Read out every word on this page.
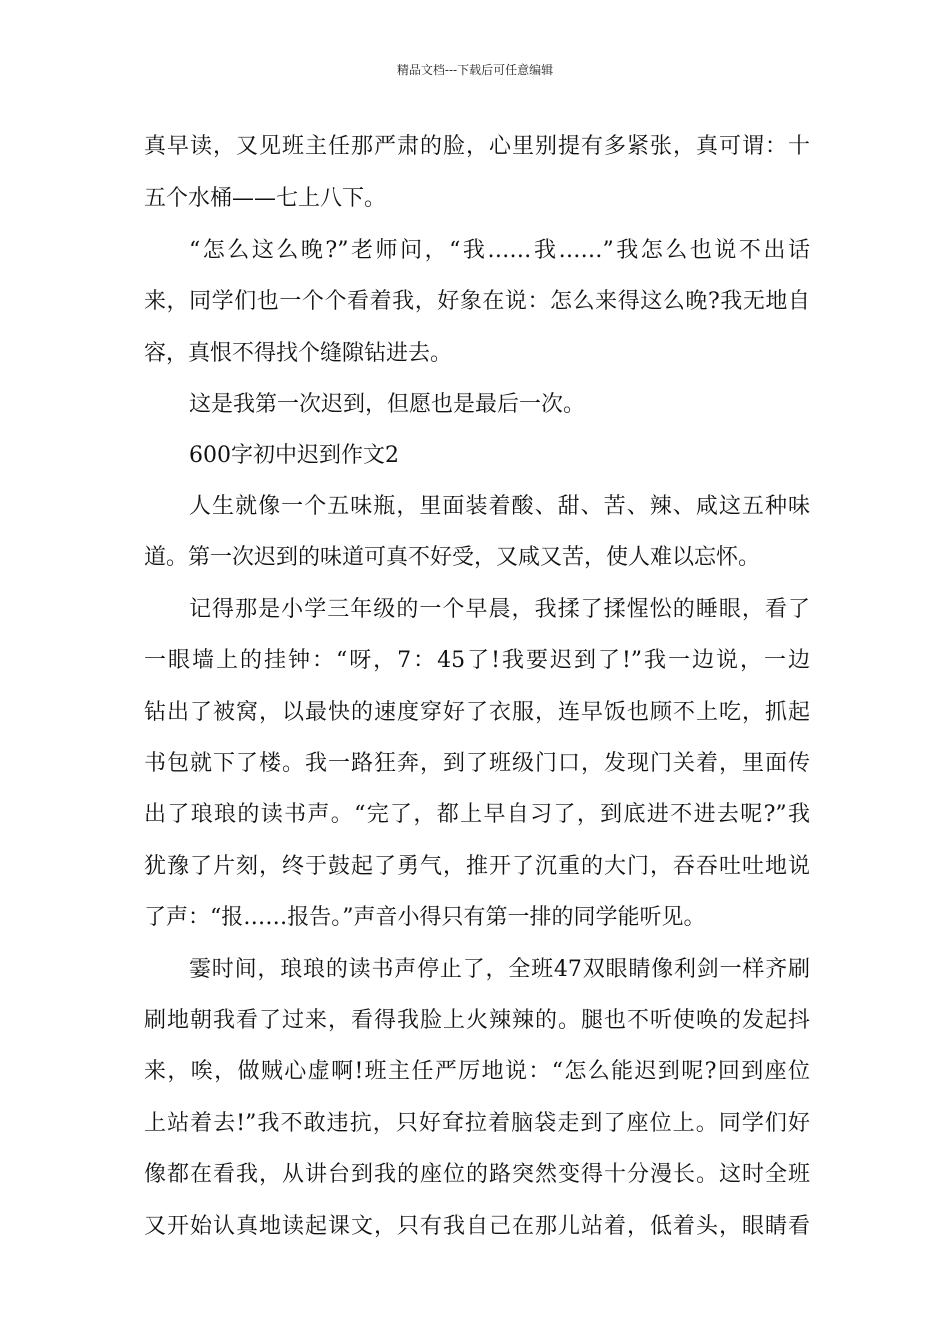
精品文档---下载后可任意编辑
真早读，又见班主任那严肃的脸，心里别提有多紧张，真可谓：十
五个水桶——七上八下。
“怎么这么晚?”老师问，“我……我……”我怎么也说不出话
来，同学们也一个个看着我，好象在说：怎么来得这么晚?我无地自
容，真恨不得找个缝隙钻进去。
这是我第一次迟到，但愿也是最后一次。
600字初中迟到作文2
人生就像一个五味瓶，里面装着酸、甜、苦、辣、咸这五种味
道。第一次迟到的味道可真不好受，又咸又苦，使人难以忘怀。
记得那是小学三年级的一个早晨，我揉了揉惺忪的睡眼，看了
一眼墙上的挂钟：“呀，7：45了!我要迟到了!”我一边说，一边
钻出了被窝，以最快的速度穿好了衣服，连早饭也顾不上吃，抓起
书包就下了楼。我一路狂奔，到了班级门口，发现门关着，里面传
出了琅琅的读书声。“完了，都上早自习了，到底进不进去呢?”我
犹豫了片刻，终于鼓起了勇气，推开了沉重的大门，吞吞吐吐地说
了声：“报……报告。”声音小得只有第一排的同学能听见。
霎时间，琅琅的读书声停止了，全班47双眼睛像利剑一样齐刷
刷地朝我看了过来，看得我脸上火辣辣的。腿也不听使唤的发起抖
来，唉，做贼心虚啊!班主任严厉地说：“怎么能迟到呢?回到座位
上站着去!”我不敢违抗，只好耷拉着脑袋走到了座位上。同学们好
像都在看我，从讲台到我的座位的路突然变得十分漫长。这时全班
又开始认真地读起课文，只有我自己在那儿站着，低着头，眼睛看
